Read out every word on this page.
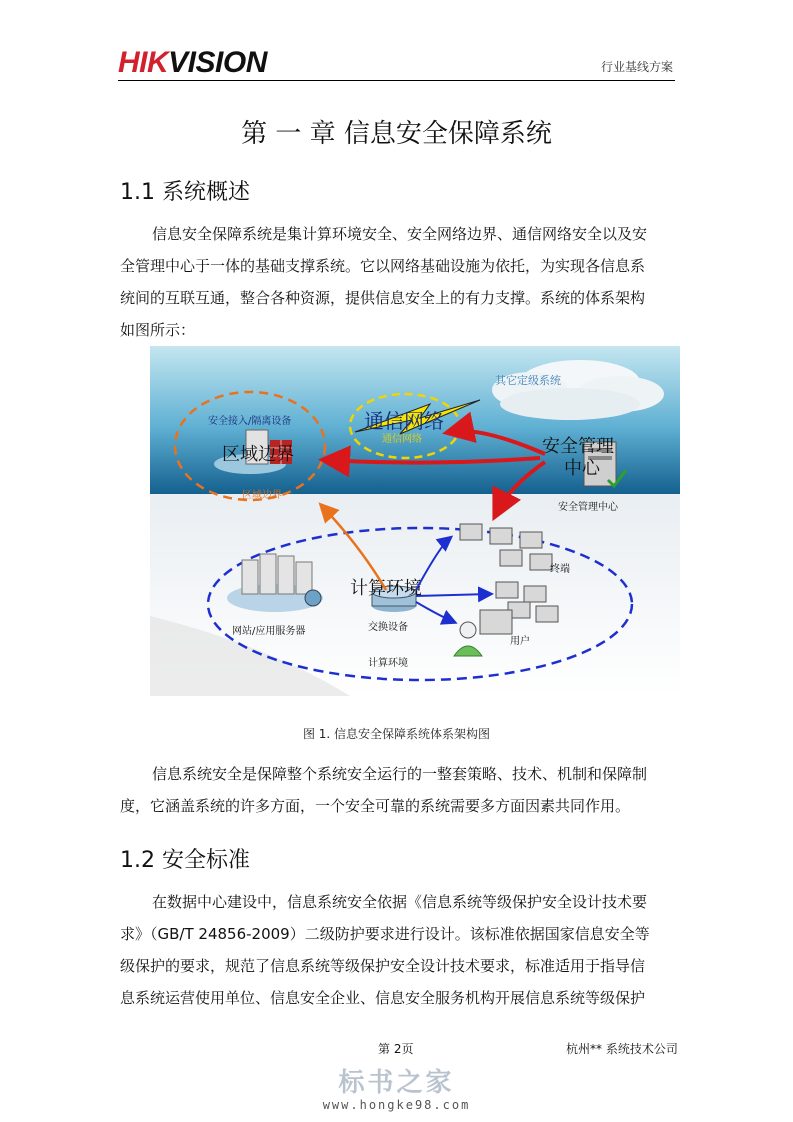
HIKVISION	行业基线方案
第 一 章 信息安全保障系统
1.1 系统概述
信息安全保障系统是集计算环境安全、安全网络边界、通信网络安全以及安
全管理中心于一体的基础支撑系统。它以网络基础设施为依托，为实现各信息系
统间的互联互通，整合各种资源，提供信息安全上的有力支撑。系统的体系架构
如图所示：
其它定级系统
通信网络
通信网络
安全接入/隔离设备
区域边界
区域边界
安全管理
中心
安全管理中心
网站/应用服务器
计算环境
交换设备
计算环境
终端
用户
图 1. 信息安全保障系统体系架构图
信息系统安全是保障整个系统安全运行的一整套策略、技术、机制和保障制
度，它涵盖系统的许多方面，一个安全可靠的系统需要多方面因素共同作用。
1.2 安全标准
在数据中心建设中，信息系统安全依据《信息系统等级保护安全设计技术要
求》（GB/T 24856-2009）二级防护要求进行设计。该标准依据国家信息安全等
级保护的要求，规范了信息系统等级保护安全设计技术要求，标准适用于指导信
息系统运营使用单位、信息安全企业、信息安全服务机构开展信息系统等级保护
第 2页	杭州** 系统技术公司
标书之家
www.hongke98.com
